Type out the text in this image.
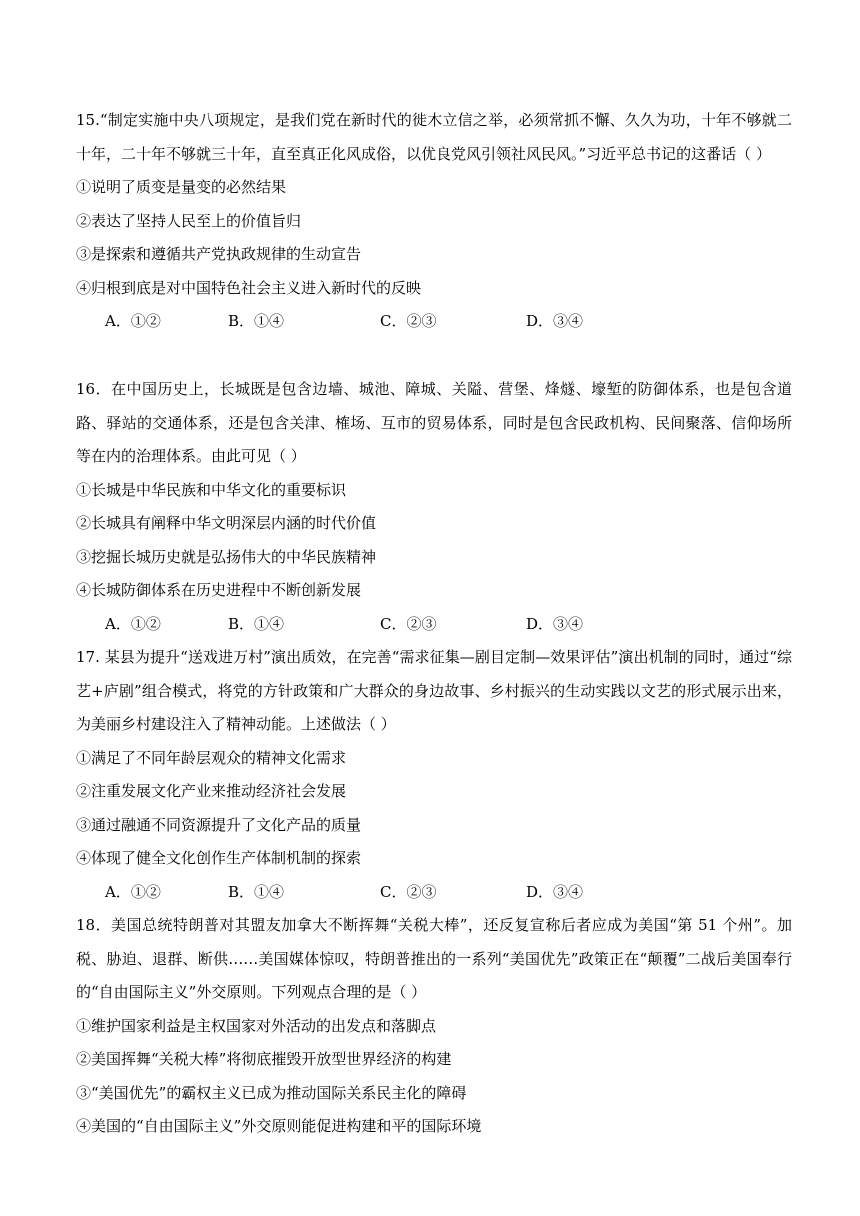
15.“制定实施中央八项规定，是我们党在新时代的徙木立信之举，必须常抓不懈、久久为功，十年不够就二十年，二十年不够就三十年，直至真正化风成俗，以优良党风引领社风民风。”习近平总书记的这番话（ ）
①说明了质变是量变的必然结果
②表达了坚持人民至上的价值旨归
③是探索和遵循共产党执政规律的生动宣告
④归根到底是对中国特色社会主义进入新时代的反映
A．①②	B．①④	C．②③	D．③④
16．在中国历史上，长城既是包含边墙、城池、障城、关隘、营堡、烽燧、壕堑的防御体系，也是包含道路、驿站的交通体系，还是包含关津、榷场、互市的贸易体系，同时是包含民政机构、民间聚落、信仰场所等在内的治理体系。由此可见（ ）
①长城是中华民族和中华文化的重要标识
②长城具有阐释中华文明深层内涵的时代价值
③挖掘长城历史就是弘扬伟大的中华民族精神
④长城防御体系在历史进程中不断创新发展
A．①②	B．①④	C．②③	D．③④
17. 某县为提升“送戏进万村”演出质效，在完善“需求征集—剧目定制—效果评估”演出机制的同时，通过“综艺+庐剧”组合模式，将党的方针政策和广大群众的身边故事、乡村振兴的生动实践以文艺的形式展示出来，为美丽乡村建设注入了精神动能。上述做法（ ）
①满足了不同年龄层观众的精神文化需求
②注重发展文化产业来推动经济社会发展
③通过融通不同资源提升了文化产品的质量
④体现了健全文化创作生产体制机制的探索
A．①②	B．①④	C．②③	D．③④
18．美国总统特朗普对其盟友加拿大不断挥舞“关税大棒”，还反复宣称后者应成为美国“第 51 个州”。加税、胁迫、退群、断供……美国媒体惊叹，特朗普推出的一系列“美国优先”政策正在“颠覆”二战后美国奉行的“自由国际主义”外交原则。下列观点合理的是（ ）
①维护国家利益是主权国家对外活动的出发点和落脚点
②美国挥舞“关税大棒”将彻底摧毁开放型世界经济的构建
③“美国优先”的霸权主义已成为推动国际关系民主化的障碍
④美国的“自由国际主义”外交原则能促进构建和平的国际环境
